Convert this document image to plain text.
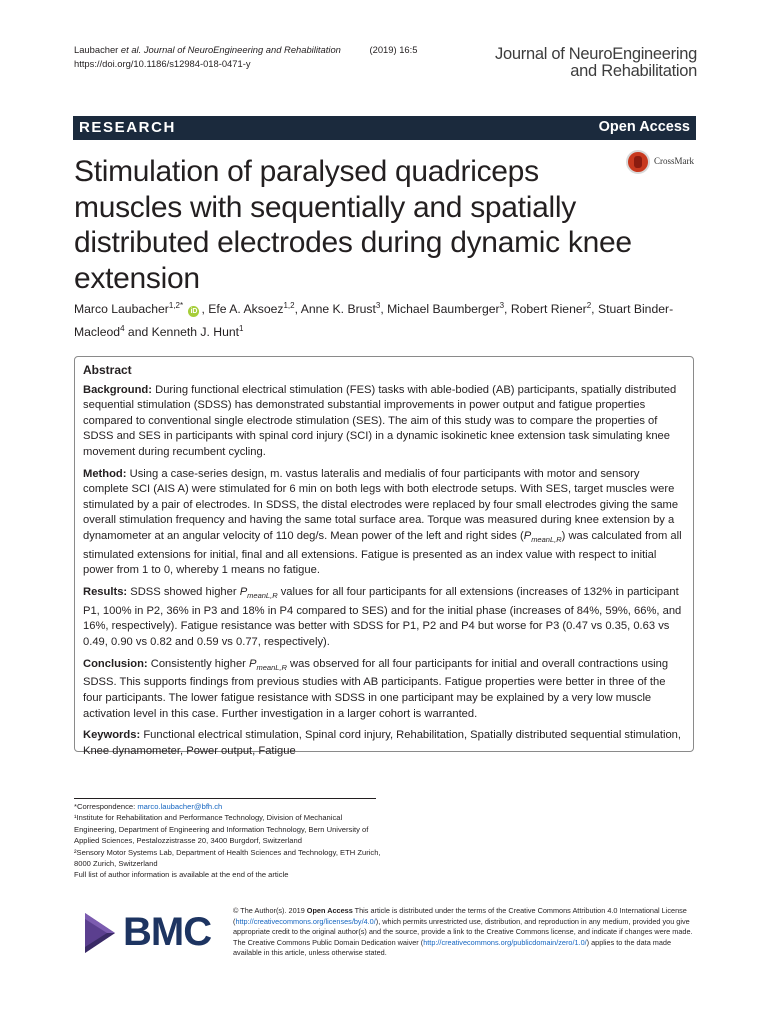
Laubacher et al. Journal of NeuroEngineering and Rehabilitation	(2019) 16:5
https://doi.org/10.1186/s12984-018-0471-y
Journal of NeuroEngineering
and Rehabilitation
RESEARCH	Open Access
CrossMark
Stimulation of paralysed quadriceps muscles with sequentially and spatially distributed electrodes during dynamic knee extension
Marco Laubacher$^{1,2*}$ iD , Efe A. Aksoez$^{1,2}$, Anne K. Brust$^3$, Michael Baumberger$^3$, Robert Riener$^2$, Stuart Binder-Macleod$^4$ and Kenneth J. Hunt$^1$
Abstract

Background: During functional electrical stimulation (FES) tasks with able-bodied (AB) participants, spatially distributed sequential stimulation (SDSS) has demonstrated substantial improvements in power output and fatigue properties compared to conventional single electrode stimulation (SES). The aim of this study was to compare the properties of SDSS and SES in participants with spinal cord injury (SCI) in a dynamic isokinetic knee extension task simulating knee movement during recumbent cycling.

Method: Using a case-series design, m. vastus lateralis and medialis of four participants with motor and sensory complete SCI (AIS A) were stimulated for 6 min on both legs with both electrode setups. With SES, target muscles were stimulated by a pair of electrodes. In SDSS, the distal electrodes were replaced by four small electrodes giving the same overall stimulation frequency and having the same total surface area. Torque was measured during knee extension by a dynamometer at an angular velocity of 110 deg/s. Mean power of the left and right sides $(P_{meanL,R})$ was calculated from all stimulated extensions for initial, final and all extensions. Fatigue is presented as an index value with respect to initial power from 1 to 0, whereby 1 means no fatigue.

Results: SDSS showed higher $P_{meanL,R}$ values for all four participants for all extensions (increases of 132% in participant P1, 100% in P2, 36% in P3 and 18% in P4 compared to SES) and for the initial phase (increases of 84%, 59%, 66%, and 16%, respectively). Fatigue resistance was better with SDSS for P1, P2 and P4 but worse for P3 (0.47 vs 0.35, 0.63 vs 0.49, 0.90 vs 0.82 and 0.59 vs 0.77, respectively).

Conclusion: Consistently higher $P_{meanL,R}$ was observed for all four participants for initial and overall contractions using SDSS. This supports findings from previous studies with AB participants. Fatigue properties were better in three of the four participants. The lower fatigue resistance with SDSS in one participant may be explained by a very low muscle activation level in this case. Further investigation in a larger cohort is warranted.

Keywords: Functional electrical stimulation, Spinal cord injury, Rehabilitation, Spatially distributed sequential stimulation, Knee dynamometer, Power output, Fatigue

*Correspondence: marco.laubacher@bfh.ch
¹Institute for Rehabilitation and Performance Technology, Division of Mechanical Engineering, Department of Engineering and Information Technology, Bern University of Applied Sciences, Pestalozzistrasse 20, 3400 Burgdorf, Switzerland
²Sensory Motor Systems Lab, Department of Health Sciences and Technology, ETH Zurich, 8000 Zurich, Switzerland
Full list of author information is available at the end of the article
BMC	© The Author(s). 2019 Open Access This article is distributed under the terms of the Creative Commons Attribution 4.0 International License (http://creativecommons.org/licenses/by/4.0/), which permits unrestricted use, distribution, and reproduction in any medium, provided you give appropriate credit to the original author(s) and the source, provide a link to the Creative Commons license, and indicate if changes were made. The Creative Commons Public Domain Dedication waiver (http://creativecommons.org/publicdomain/zero/1.0/) applies to the data made available in this article, unless otherwise stated.
